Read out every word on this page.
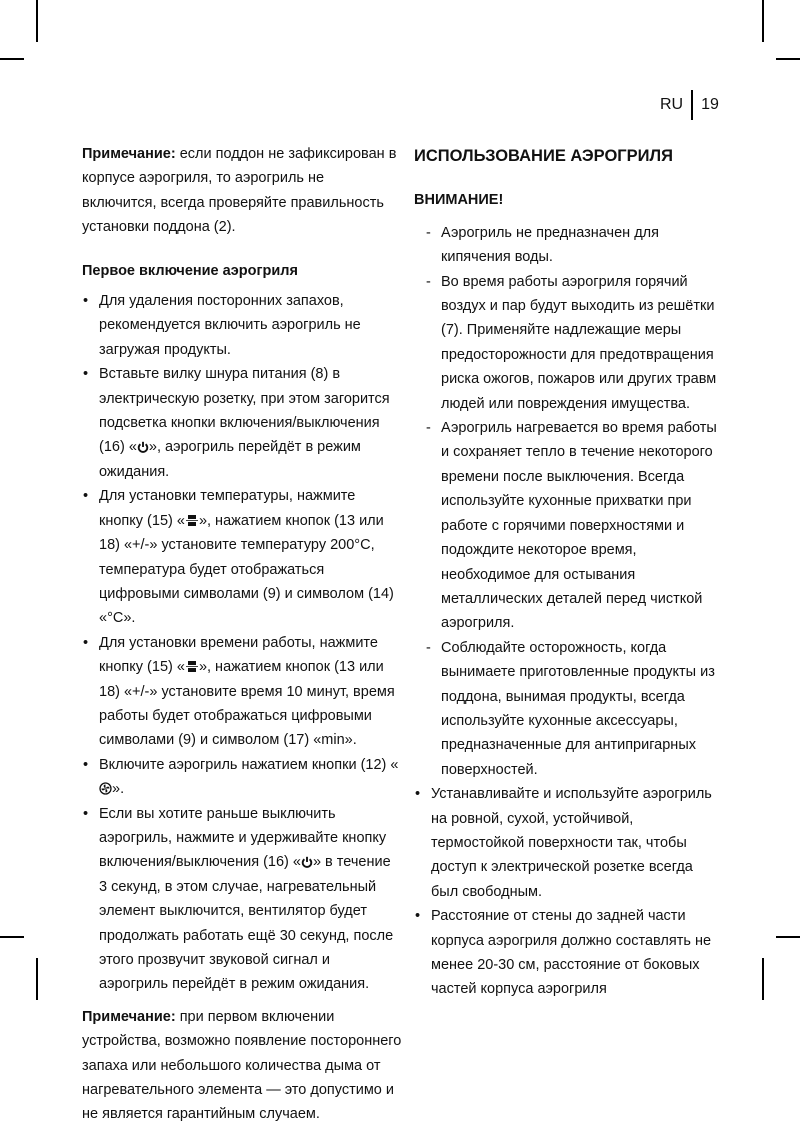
RU 19

Примечание: если поддон не зафиксирован в корпусе аэрогриля, то аэрогриль не включится, всегда проверяйте правильность установки поддона (2).

Первое включение аэрогриля

• Для удаления посторонних запахов, рекомендуется включить аэрогриль не загружая продукты.
• Вставьте вилку шнура питания (8) в электрическую розетку, при этом загорится подсветка кнопки включения/выключения (16) « », аэрогриль перейдёт в режим ожидания.
• Для установки температуры, нажмите кнопку (15) « », нажатием кнопок (13 или 18) «+/-» установите температуру 200°С, температура будет отображаться цифровыми символами (9) и символом (14) «°С».
• Для установки времени работы, нажмите кнопку (15) « », нажатием кнопок (13 или 18) «+/-» установите время 10 минут, время работы будет отображаться цифровыми символами (9) и символом (17) «min».
• Включите аэрогриль нажатием кнопки (12) «».
• Если вы хотите раньше выключить аэрогриль, нажмите и удерживайте кнопку включения/выключения (16) « » в течение 3 секунд, в этом случае, нагревательный элемент выключится, вентилятор будет продолжать работать ещё 30 секунд, после этого прозвучит звуковой сигнал и аэрогриль перейдёт в режим ожидания.

Примечание: при первом включении устройства, возможно появление постороннего запаха или небольшого количества дыма от нагревательного элемента — это допустимо и не является гарантийным случаем.

ИСПОЛЬЗОВАНИЕ АЭРОГРИЛЯ

ВНИМАНИЕ!

- Аэрогриль не предназначен для кипячения воды.
- Во время работы аэрогриля горячий воздух и пар будут выходить из решётки (7). Применяйте надлежащие меры предосторожности для предотвращения риска ожогов, пожаров или других травм людей или повреждения имущества.
- Аэрогриль нагревается во время работы и сохраняет тепло в течение некоторого времени после выключения. Всегда используйте кухонные прихватки при работе с горячими поверхностями и подождите некоторое время, необходимое для остывания металлических деталей перед чисткой аэрогриля.
- Соблюдайте осторожность, когда вынимаете приготовленные продукты из поддона, вынимая продукты, всегда используйте кухонные аксессуары, предназначенные для антипригарных поверхностей.
• Устанавливайте и используйте аэрогриль на ровной, сухой, устойчивой, термостойкой поверхности так, чтобы доступ к электрической розетке всегда был свободным.
• Расстояние от стены до задней части корпуса аэрогриля должно составлять не менее 20-30 см, расстояние от боковых частей корпуса аэрогриля
